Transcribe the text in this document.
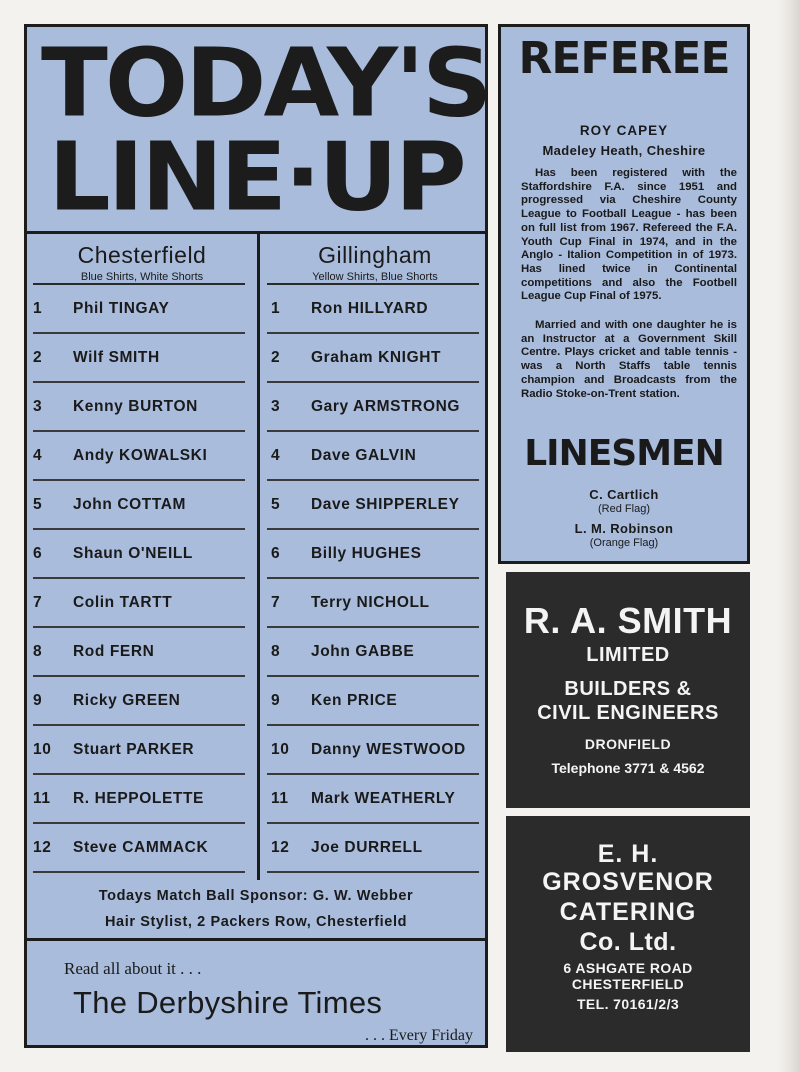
TODAY'S
LINE·UP
Chesterfield
Blue Shirts, White Shorts
Gillingham
Yellow Shirts, Blue Shorts
1	Phil TINGAY
2	Wilf SMITH
3	Kenny BURTON
4	Andy KOWALSKI
5	John COTTAM
6	Shaun O'NEILL
7	Colin TARTT
8	Rod FERN
9	Ricky GREEN
10	Stuart PARKER
11	R. HEPPOLETTE
12	Steve CAMMACK
1	Ron HILLYARD
2	Graham KNIGHT
3	Gary ARMSTRONG
4	Dave GALVIN
5	Dave SHIPPERLEY
6	Billy HUGHES
7	Terry NICHOLL
8	John GABBE
9	Ken PRICE
10	Danny WESTWOOD
11	Mark WEATHERLY
12	Joe DURRELL
Todays Match Ball Sponsor: G. W. Webber
Hair Stylist, 2 Packers Row, Chesterfield
Read all about it . . .
The Derbyshire Times
. . . Every Friday
REFEREE
ROY CAPEY
Madeley Heath, Cheshire
Has been registered with the Staffordshire F.A. since 1951 and progressed via Cheshire County League to Football League - has been on full list from 1967. Refereed the F.A. Youth Cup Final in 1974, and in the Anglo - Italion Competition in of 1973. Has lined twice in Continental competitions and also the Footbell League Cup Final of 1975.
Married and with one daughter he is an Instructor at a Government Skill Centre. Plays cricket and table tennis - was a North Staffs table tennis champion and Broadcasts from the Radio Stoke-on-Trent station.
LINESMEN
C. Cartlich
(Red Flag)
L. M. Robinson
(Orange Flag)
R. A. SMITH
LIMITED
BUILDERS &
CIVIL ENGINEERS
DRONFIELD
Telephone 3771 & 4562
E. H.
GROSVENOR
CATERING
Co. Ltd.
6 ASHGATE ROAD
CHESTERFIELD
TEL. 70161/2/3
